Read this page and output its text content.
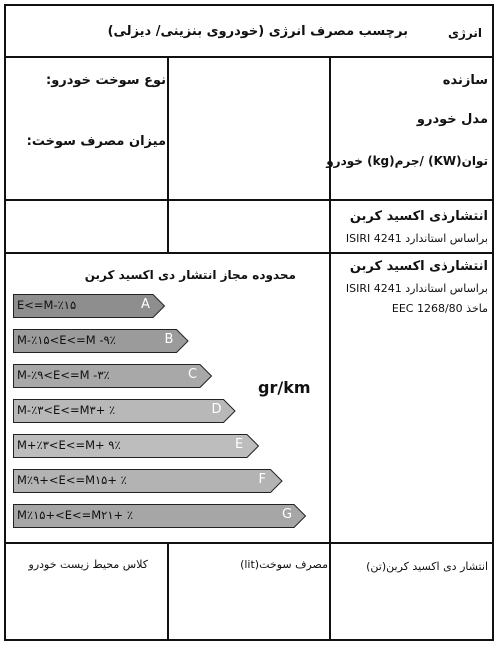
انرژی
برچسب مصرف انرژی (خودروی بنزینی/ دیزلی)
سازنده
مدل خودرو
توان(KW) /جرم(kg) خودرو
نوع سوخت خودرو:
میزان مصرف سوخت:
انتشارذی اکسید کربن
براساس استاندارد ISIRI 4241
انتشارذی اکسید کربن
براساس استاندارد ISIRI 4241
ماخذ 1268/80 EEC
محدوده مجاز انتشار دی اکسید کربن
gr/km
E<=M-٪۱۵	A
M-٪۱۵<E<=M -۹٪	B
M-٪۹<E<=M -۳٪	C
M-٪۳<E<=M۳+ ٪	D
M+٪۳<E<=M+ ۹٪	E
M٪۹+<E<=M۱۵+ ٪	F
M٪۱۵+<E<=M۲۱+ ٪	G
کلاس محیط زیست خودرو	مصرف سوخت(lit)	انتشار دی اکسید کربن(تن)
